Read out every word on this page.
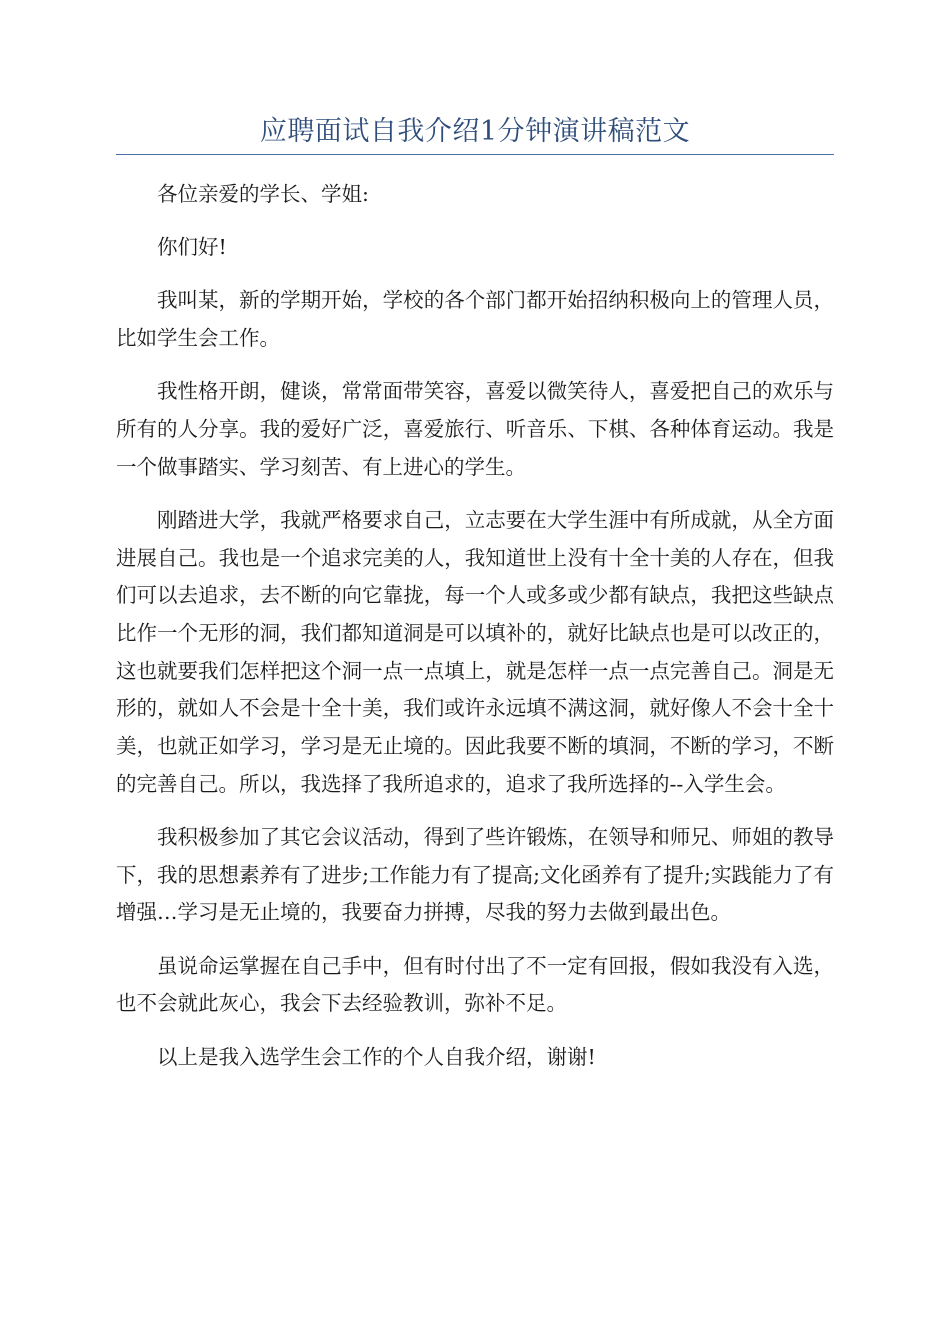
应聘面试自我介绍1分钟演讲稿范文

各位亲爱的学长、学姐:

你们好!

我叫某，新的学期开始，学校的各个部门都开始招纳积极向上的管理人员，比如学生会工作。

我性格开朗，健谈，常常面带笑容，喜爱以微笑待人，喜爱把自己的欢乐与所有的人分享。我的爱好广泛，喜爱旅行、听音乐、下棋、各种体育运动。我是一个做事踏实、学习刻苦、有上进心的学生。

刚踏进大学，我就严格要求自己，立志要在大学生涯中有所成就，从全方面进展自己。我也是一个追求完美的人，我知道世上没有十全十美的人存在，但我们可以去追求，去不断的向它靠拢，每一个人或多或少都有缺点，我把这些缺点比作一个无形的洞，我们都知道洞是可以填补的，就好比缺点也是可以改正的，这也就要我们怎样把这个洞一点一点填上，就是怎样一点一点完善自己。洞是无形的，就如人不会是十全十美，我们或许永远填不满这洞，就好像人不会十全十美，也就正如学习，学习是无止境的。因此我要不断的填洞，不断的学习，不断的完善自己。所以，我选择了我所追求的，追求了我所选择的--入学生会。

我积极参加了其它会议活动，得到了些许锻炼，在领导和师兄、师姐的教导下，我的思想素养有了进步;工作能力有了提高;文化函养有了提升;实践能力了有增强…学习是无止境的，我要奋力拼搏，尽我的努力去做到最出色。

虽说命运掌握在自己手中，但有时付出了不一定有回报，假如我没有入选，也不会就此灰心，我会下去经验教训，弥补不足。

以上是我入选学生会工作的个人自我介绍，谢谢!
